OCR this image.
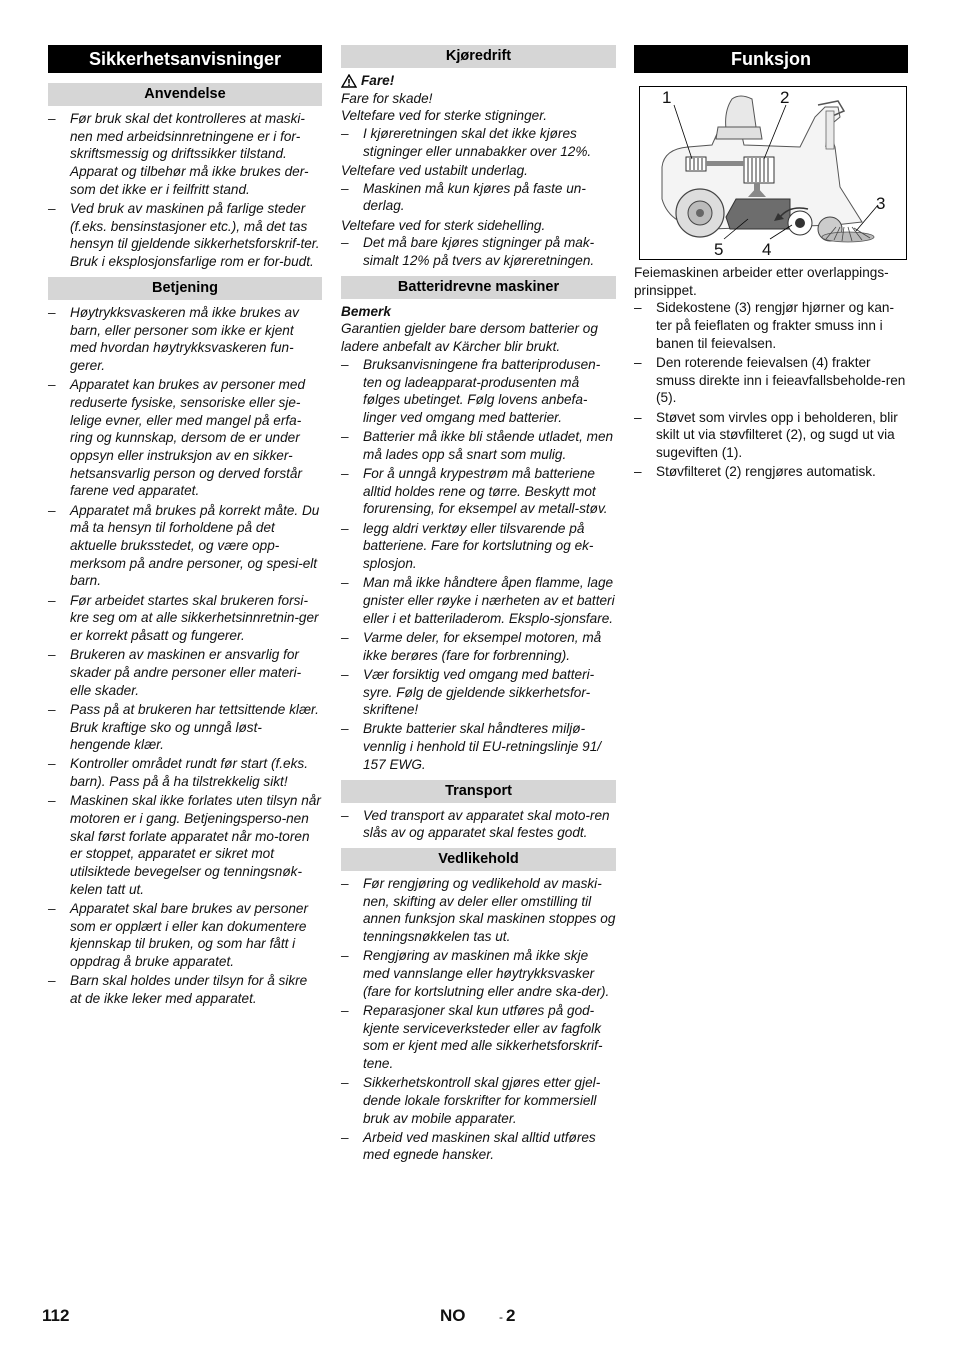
Sikkerhetsanvisninger
Anvendelse
– Før bruk skal det kontrolleres at maski-nen med arbeidsinnretningene er i for-skriftsmessig og driftssikker tilstand. Apparat og tilbehør må ikke brukes der-som det ikke er i feilfritt stand.
– Ved bruk av maskinen på farlige steder (f.eks. bensinstasjoner etc.), må det tas hensyn til gjeldende sikkerhetsforskrif-ter. Bruk i eksplosjonsfarlige rom er for-budt.
Betjening
– Høytrykksvaskeren må ikke brukes av barn, eller personer som ikke er kjent med hvordan høytrykksvaskeren fun-gerer.
– Apparatet kan brukes av personer med reduserte fysiske, sensoriske eller sje-lelige evner, eller med mangel på erfa-ring og kunnskap, dersom de er under oppsyn eller instruksjon av en sikker-hetsansvarlig person og derved forstår farene ved apparatet.
– Apparatet må brukes på korrekt måte. Du må ta hensyn til forholdene på det aktuelle bruksstedet, og være opp-merksom på andre personer, og spesi-elt barn.
– Før arbeidet startes skal brukeren forsi-kre seg om at alle sikkerhetsinnretnin-ger er korrekt påsatt og fungerer.
– Brukeren av maskinen er ansvarlig for skader på andre personer eller materi-elle skader.
– Pass på at brukeren har tettsittende klær. Bruk kraftige sko og unngå løst-hengende klær.
– Kontroller området rundt før start (f.eks. barn). Pass på å ha tilstrekkelig sikt!
– Maskinen skal ikke forlates uten tilsyn når motoren er i gang. Betjeningsperso-nen skal først forlate apparatet når mo-toren er stoppet, apparatet er sikret mot utilsiktede bevegelser og tenningsnøk-kelen tatt ut.
– Apparatet skal bare brukes av personer som er opplært i eller kan dokumentere kjennskap til bruken, og som har fått i oppdrag å bruke apparatet.
– Barn skal holdes under tilsyn for å sikre at de ikke leker med apparatet.
Kjøredrift

Fare!

Fare for skade!

Veltefare ved for sterke stigninger.

– I kjøreretningen skal det ikke kjøres stigninger eller unnabakker over 12%.

Veltefare ved ustabilt underlag.

– Maskinen må kun kjøres på faste un-derlag.

Veltefare ved for sterk sidehelling.

– Det må bare kjøres stigninger på mak-simalt 12% på tvers av kjøreretningen.
Batteridrevne maskiner

Bemerk

Garantien gjelder bare dersom batterier og ladere anbefalt av Kärcher blir brukt.

– Bruksanvisningene fra batteriprodusen-ten og ladeapparat-produsenten må følges ubetinget. Følg lovens anbefa-linger ved omgang med batterier.
– Batterier må ikke bli stående utladet, men må lades opp så snart som mulig.
– For å unngå krypestrøm må batteriene alltid holdes rene og tørre. Beskytt mot forurensing, for eksempel av metall-støv.
– legg aldri verktøy eller tilsvarende på batteriene. Fare for kortslutning og ek-splosjon.
– Man må ikke håndtere åpen flamme, lage gnister eller røyke i nærheten av et batteri eller i et batteriladerom. Eksplo-sjonsfare.
– Varme deler, for eksempel motoren, må ikke berøres (fare for forbrenning).
– Vær forsiktig ved omgang med batteri-syre. Følg de gjeldende sikkerhetsfor-skriftene!
– Brukte batterier skal håndteres miljø-vennlig i henhold til EU-retningslinje 91/ 157 EWG.
Transport
– Ved transport av apparatet skal moto-ren slås av og apparatet skal festes godt.
Vedlikehold
– Før rengjøring og vedlikehold av maski-nen, skifting av deler eller omstilling til annen funksjon skal maskinen stoppes og tenningsnøkkelen tas ut.
– Rengjøring av maskinen må ikke skje med vannslange eller høytrykksvasker (fare for kortslutning eller andre ska-der).
– Reparasjoner skal kun utføres på god-kjente serviceverksteder eller av fagfolk som er kjent med alle sikkerhetsforskrif-tene.
– Sikkerhetskontroll skal gjøres etter gjel-dende lokale forskrifter for kommersiell bruk av mobile apparater.
– Arbeid ved maskinen skal alltid utføres med egnede hansker.
Funksjon
1	2
3
4
5

Feiemaskinen arbeider etter overlappings-prinsippet.

– Sidekostene (3) rengjør hjørner og kan-ter på feieflaten og frakter smuss inn i banen til feievalsen.
– Den roterende feievalsen (4) frakter smuss direkte inn i feieavfallsbeholde-ren (5).
– Støvet som virvles opp i beholderen, blir skilt ut via støvfilteret (2), og sugd ut via sugeviften (1).
– Støvfilteret (2) rengjøres automatisk.
112	NO	- 2
